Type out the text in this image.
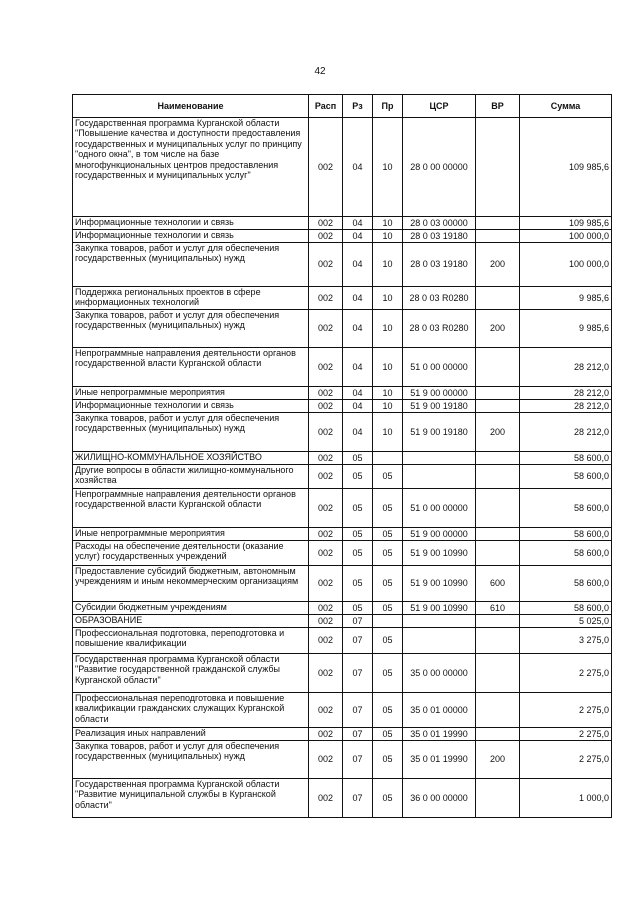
42
Наименование	Расп	Рз	Пр	ЦСР	ВР	Сумма
Государственная программа Курганской области "Повышение качества и доступности предоставления государственных и муниципальных услуг по принципу "одного окна", в том числе на базе многофункциональных центров предоставления государственных и муниципальных услуг"	002	04	10	28 0 00 00000		109 985,6
Информационные технологии и связь	002	04	10	28 0 03 00000		109 985,6
Информационные технологии и связь	002	04	10	28 0 03 19180		100 000,0
Закупка товаров, работ и услуг для обеспечения государственных (муниципальных) нужд	002	04	10	28 0 03 19180	200	100 000,0
Поддержка региональных проектов в сфере информационных технологий	002	04	10	28 0 03 R0280		9 985,6
Закупка товаров, работ и услуг для обеспечения государственных (муниципальных) нужд	002	04	10	28 0 03 R0280	200	9 985,6
Непрограммные направления деятельности органов государственной власти Курганской области	002	04	10	51 0 00 00000		28 212,0
Иные непрограммные мероприятия	002	04	10	51 9 00 00000		28 212,0
Информационные технологии и связь	002	04	10	51 9 00 19180		28 212,0
Закупка товаров, работ и услуг для обеспечения государственных (муниципальных) нужд	002	04	10	51 9 00 19180	200	28 212,0
ЖИЛИЩНО-КОММУНАЛЬНОЕ ХОЗЯЙСТВО	002	05				58 600,0
Другие вопросы в области жилищно-коммунального хозяйства	002	05	05			58 600,0
Непрограммные направления деятельности органов государственной власти Курганской области	002	05	05	51 0 00 00000		58 600,0
Иные непрограммные мероприятия	002	05	05	51 9 00 00000		58 600,0
Расходы на обеспечение деятельности (оказание услуг) государственных учреждений	002	05	05	51 9 00 10990		58 600,0
Предоставление субсидий бюджетным, автономным учреждениям и иным некоммерческим организациям	002	05	05	51 9 00 10990	600	58 600,0
Субсидии бюджетным учреждениям	002	05	05	51 9 00 10990	610	58 600,0
ОБРАЗОВАНИЕ	002	07				5 025,0
Профессиональная подготовка, переподготовка и повышение квалификации	002	07	05			3 275,0
Государственная программа Курганской области "Развитие государственной гражданской службы Курганской области"	002	07	05	35 0 00 00000		2 275,0
Профессиональная переподготовка и повышение квалификации гражданских служащих Курганской области	002	07	05	35 0 01 00000		2 275,0
Реализация иных направлений	002	07	05	35 0 01 19990		2 275,0
Закупка товаров, работ и услуг для обеспечения государственных (муниципальных) нужд	002	07	05	35 0 01 19990	200	2 275,0
Государственная программа Курганской области "Развитие муниципальной службы в Курганской области"	002	07	05	36 0 00 00000		1 000,0
